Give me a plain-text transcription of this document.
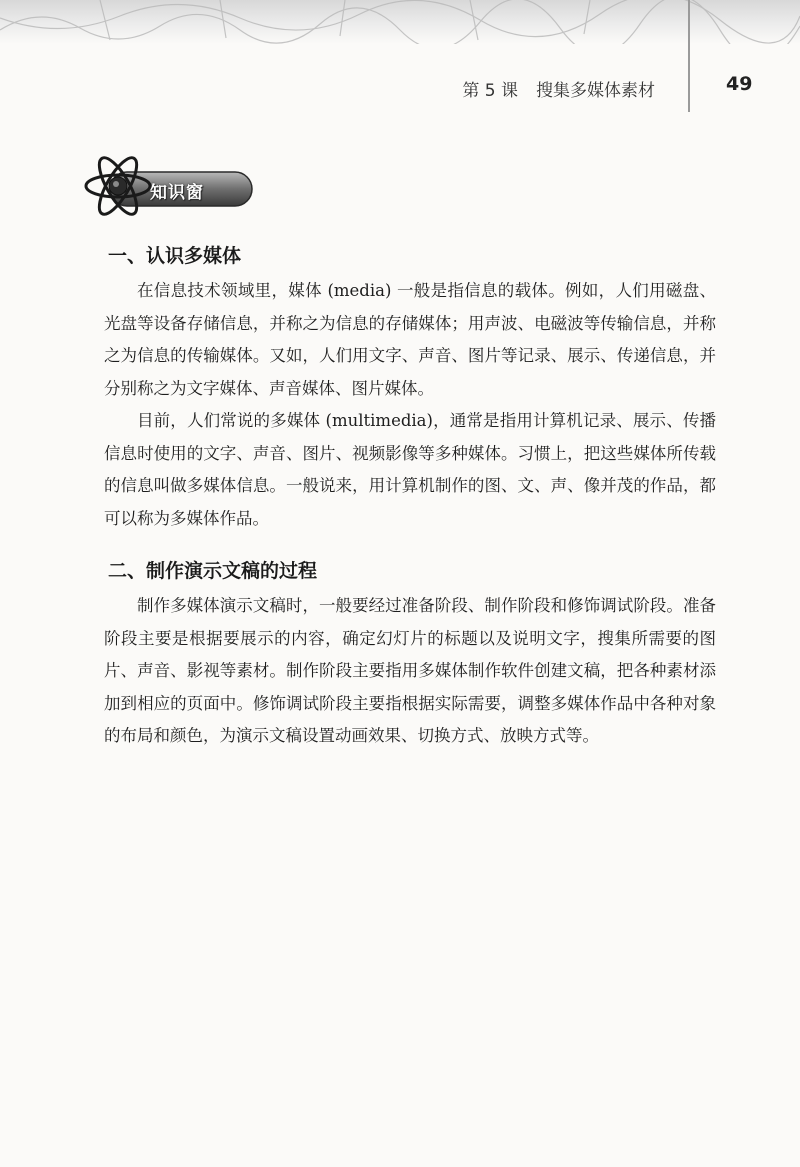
第 5 课 搜集多媒体素材	49
知识窗
一、认识多媒体

在信息技术领域里，媒体 (media) 一般是指信息的载体。例如，人们用磁盘、光盘等设备存储信息，并称之为信息的存储媒体；用声波、电磁波等传输信息，并称之为信息的传输媒体。又如，人们用文字、声音、图片等记录、展示、传递信息，并分别称之为文字媒体、声音媒体、图片媒体。

目前，人们常说的多媒体 (multimedia)，通常是指用计算机记录、展示、传播信息时使用的文字、声音、图片、视频影像等多种媒体。习惯上，把这些媒体所传载的信息叫做多媒体信息。一般说来，用计算机制作的图、文、声、像并茂的作品，都可以称为多媒体作品。

二、制作演示文稿的过程

制作多媒体演示文稿时，一般要经过准备阶段、制作阶段和修饰调试阶段。准备阶段主要是根据要展示的内容，确定幻灯片的标题以及说明文字，搜集所需要的图片、声音、影视等素材。制作阶段主要指用多媒体制作软件创建文稿，把各种素材添加到相应的页面中。修饰调试阶段主要指根据实际需要，调整多媒体作品中各种对象的布局和颜色，为演示文稿设置动画效果、切换方式、放映方式等。
